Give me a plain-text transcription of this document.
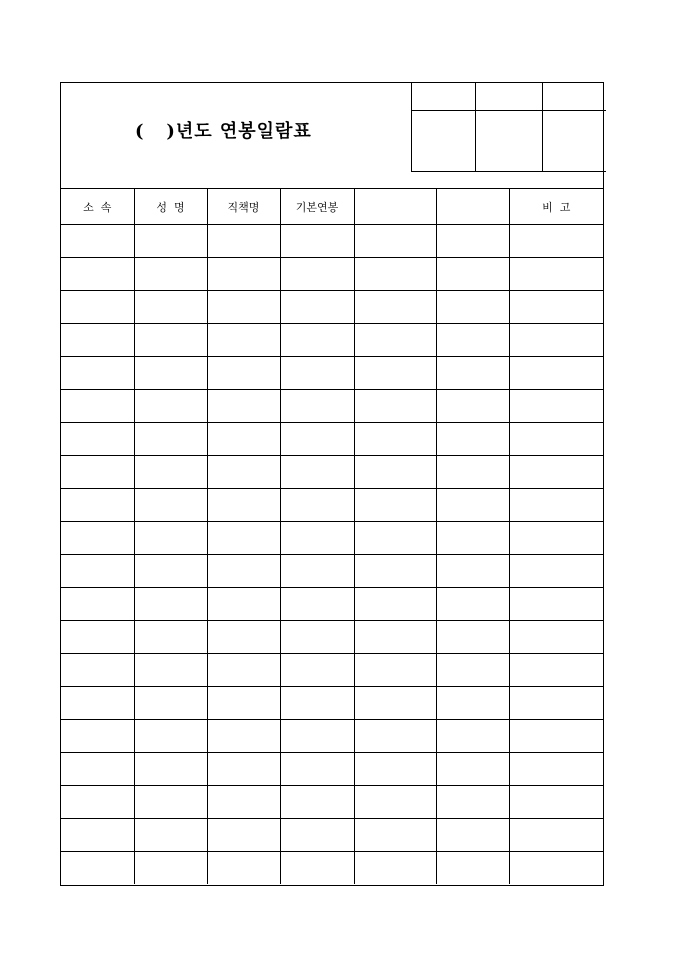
(   )년도 연봉일람표

소  속	성  명	직책명	기본연봉			비  고
